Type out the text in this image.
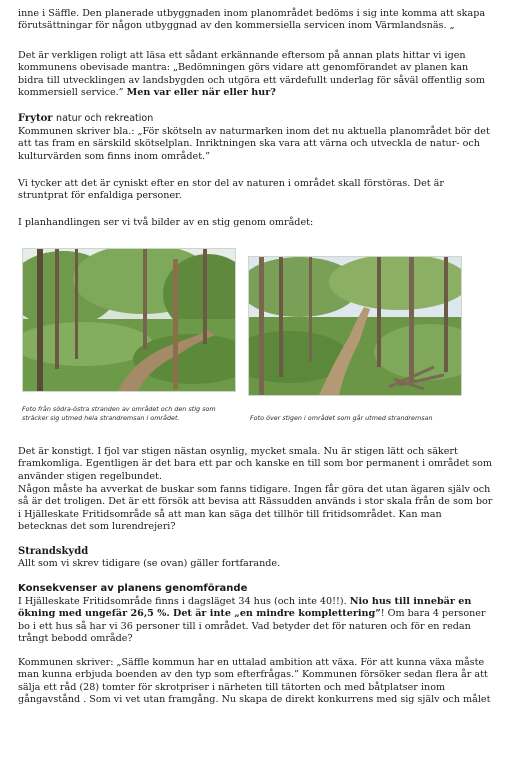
inne i Säffle. Den planerade utbyggnaden inom planområdet bedöms i sig inte komma att skapa förutsättningar för någon utbyggnad av den kommersiella servicen inom Värmlandsnäs. „

Det är verkligen roligt att läsa ett sådant erkännande eftersom på annan plats hittar vi igen kommunens obevisade mantra: „Bedömningen görs vidare att genomförandet av planen kan bidra till utvecklingen av landsbygden och utgöra ett värdefullt underlag för såväl offentlig som kommersiell service.” Men var eller när eller hur?

Frytor natur och rekreation

Kommunen skriver bla.: „För skötseln av naturmarken inom det nu aktuella planområdet bör det att tas fram en särskild skötselplan. Inriktningen ska vara att värna och utveckla de natur- och kulturvärden som finns inom området.”

Vi tycker att det är cyniskt efter en stor del av naturen i området skall förstöras. Det är struntprat för enfaldiga personer.

I planhandlingen ser vi två bilder av en stig genom området:

Foto från södra-östra stranden av området och den stig som sträcker sig utmed hela strandremsan i området.	Foto över stigen i området som går utmed strandremsan

Det är konstigt. I fjol var stigen nästan osynlig, mycket smala. Nu är stigen lätt och säkert framkomliga. Egentligen är det bara ett par och kanske en till som bor permanent i området som använder stigen regelbundet.

Någon måste ha avverkat de buskar som fanns tidigare. Ingen får göra det utan ägaren själv och så är det troligen. Det är ett försök att bevisa att Rässudden används i stor skala från de som bor i Hjälleskate Fritidsområde så att man kan säga det tillhör till fritidsområdet. Kan man betecknas det som lurendrejeri?

Strandskydd

Allt som vi skrev tidigare (se ovan) gäller fortfarande.

Konsekvenser av planens genomförande

I Hjälleskate Fritidsområde finns i dagsläget 34 hus (och inte 40!!). Nio hus till innebär en ökning med ungefär 26,5 %. Det är inte „en mindre komplettering”! Om bara 4 personer bo i ett hus så har vi 36 personer till i området. Vad betyder det för naturen och för en redan trångt bebodd område?

Kommunen skriver: „Säffle kommun har en uttalad ambition att växa. För att kunna växa måste man kunna erbjuda boenden av den typ som efterfrågas.” Kommunen försöker sedan flera år att sälja ett råd (28) tomter för skrotpriser i närheten till tätorten och med båtplatser inom gångavstånd . Som vi vet utan framgång. Nu skapa de direkt konkurrens med sig själv och målet
